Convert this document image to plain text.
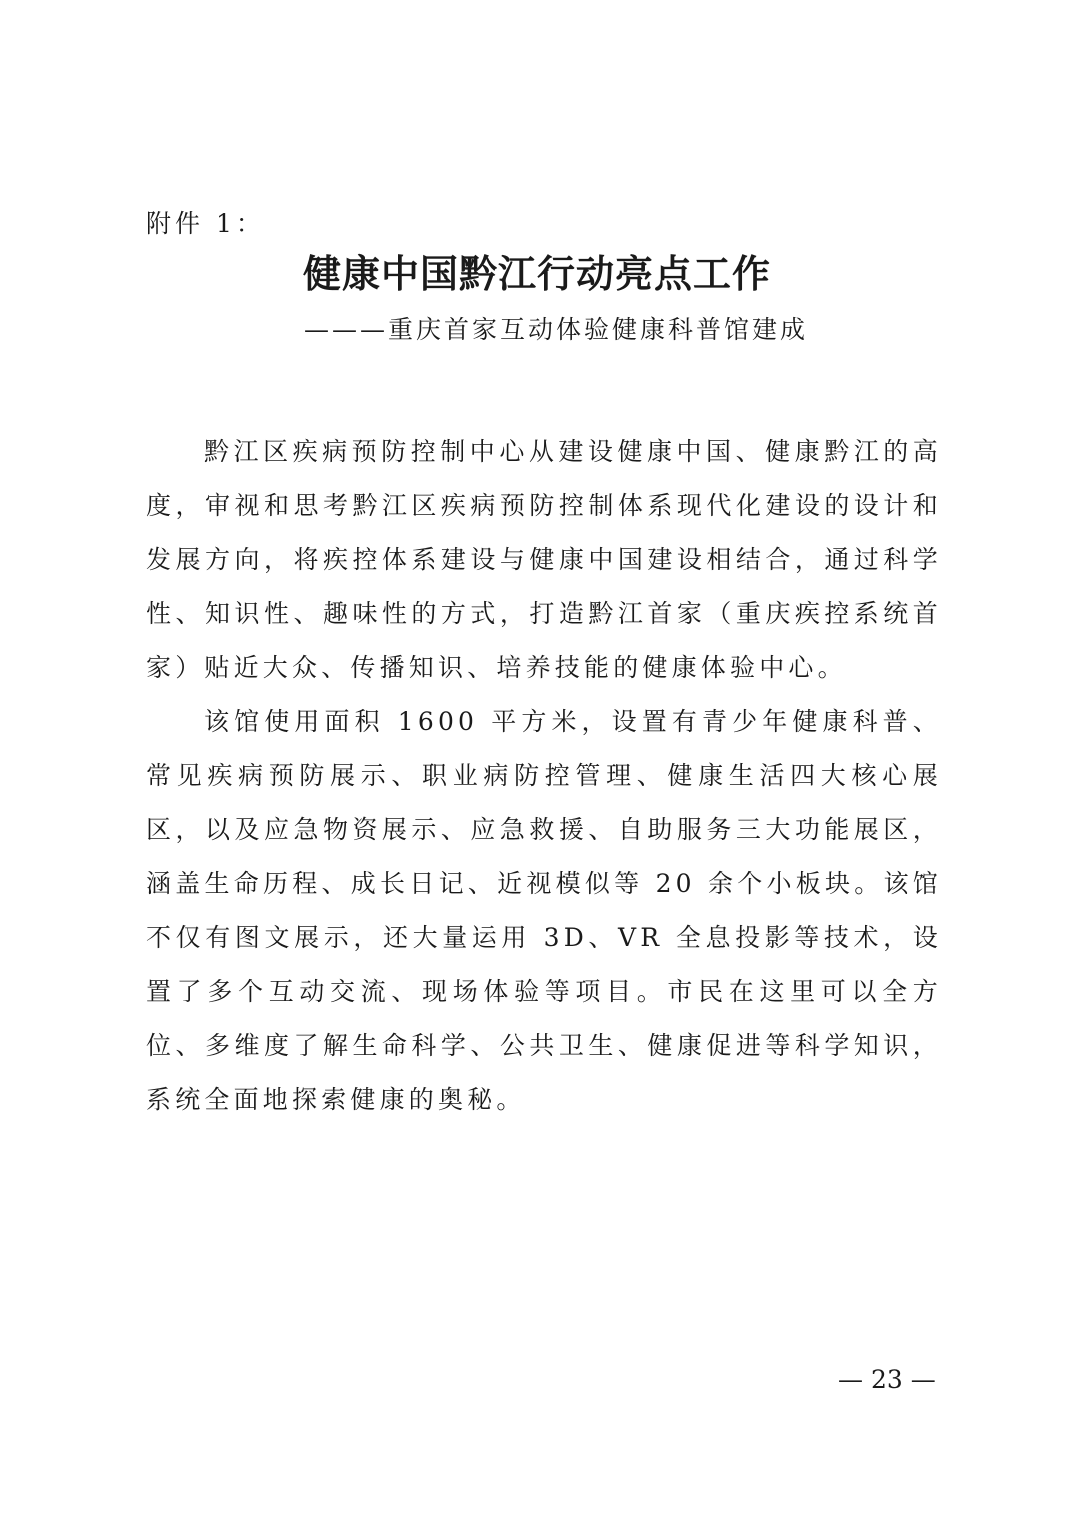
附件 1：
健康中国黔江行动亮点工作
———重庆首家互动体验健康科普馆建成

黔江区疾病预防控制中心从建设健康中国、健康黔江的高度，审视和思考黔江区疾病预防控制体系现代化建设的设计和发展方向，将疾控体系建设与健康中国建设相结合，通过科学性、知识性、趣味性的方式，打造黔江首家（重庆疾控系统首家）贴近大众、传播知识、培养技能的健康体验中心。

该馆使用面积 1600 平方米，设置有青少年健康科普、常见疾病预防展示、职业病防控管理、健康生活四大核心展区，以及应急物资展示、应急救援、自助服务三大功能展区，涵盖生命历程、成长日记、近视模似等 20 余个小板块。该馆不仅有图文展示，还大量运用 3D、VR 全息投影等技术，设置了多个互动交流、现场体验等项目。市民在这里可以全方位、多维度了解生命科学、公共卫生、健康促进等科学知识，系统全面地探索健康的奥秘。

— 23 —
